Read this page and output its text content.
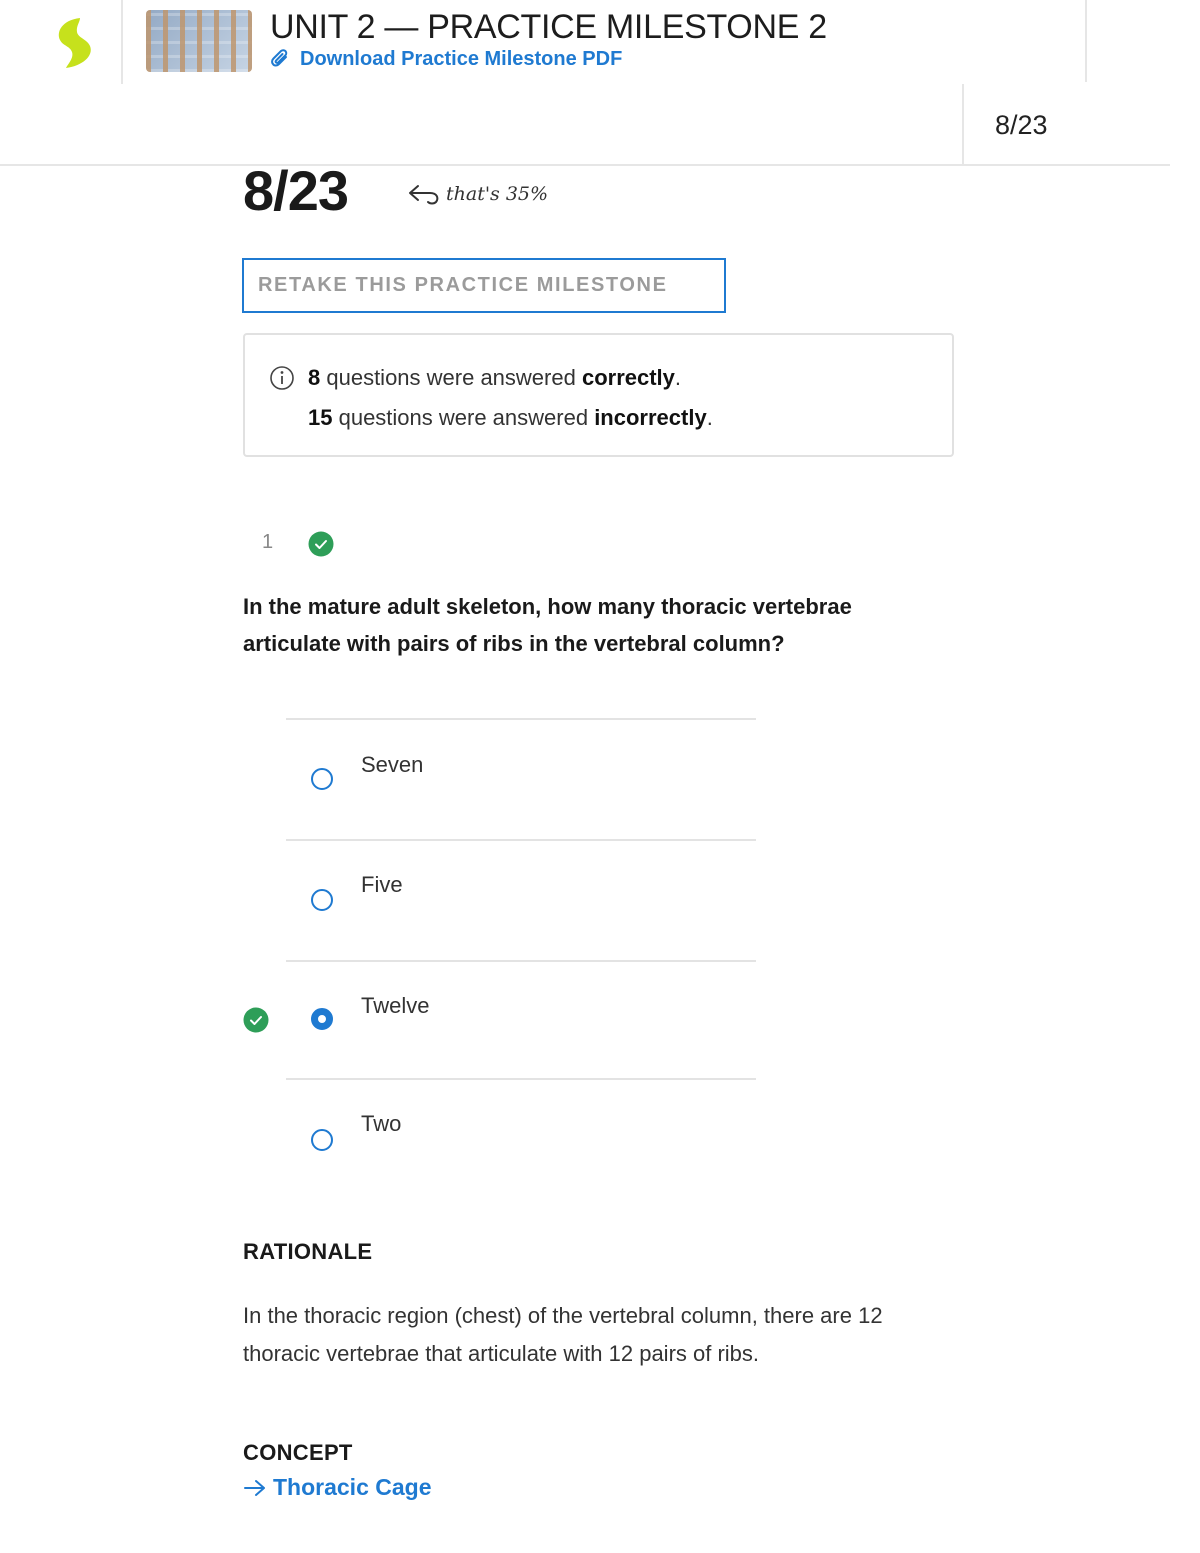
UNIT 2 — PRACTICE MILESTONE 2
Download Practice Milestone PDF
8/23
8/23	that's 35%
RETAKE THIS PRACTICE MILESTONE
8 questions were answered correctly.
15 questions were answered incorrectly.
1
In the mature adult skeleton, how many thoracic vertebrae articulate with pairs of ribs in the vertebral column?
Seven
Five
Twelve
Two
RATIONALE
In the thoracic region (chest) of the vertebral column, there are 12 thoracic vertebrae that articulate with 12 pairs of ribs.
CONCEPT
Thoracic Cage
